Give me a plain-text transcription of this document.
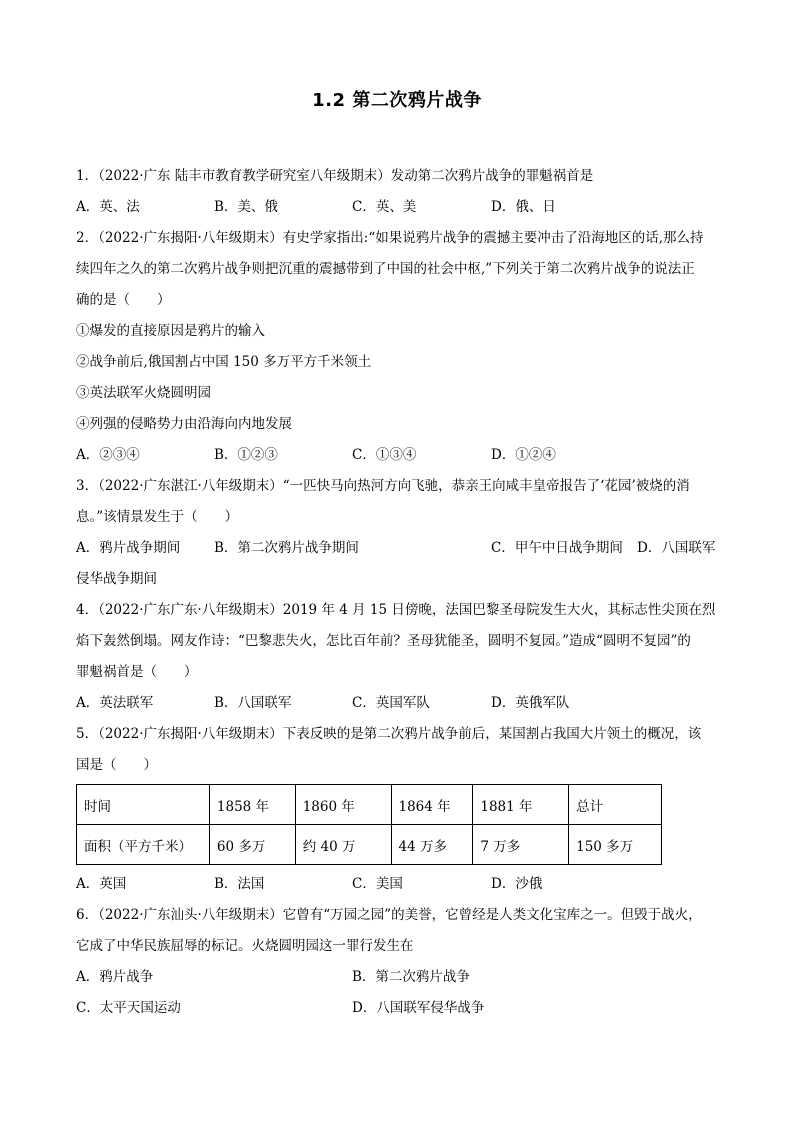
1.2 第二次鸦片战争
1．（2022·广东 陆丰市教育教学研究室八年级期末）发动第二次鸦片战争的罪魁祸首是
A．英、法	B．美、俄	C．英、美	D．俄、日
2．（2022·广东揭阳·八年级期末）有史学家指出:“如果说鸦片战争的震撼主要冲击了沿海地区的话,那么持
续四年之久的第二次鸦片战争则把沉重的震撼带到了中国的社会中枢,”下列关于第二次鸦片战争的说法正
确的是（　　）
①爆发的直接原因是鸦片的输入
②战争前后,俄国割占中国 150 多万平方千米领土
③英法联军火烧圆明园
④列强的侵略势力由沿海向内地发展
A．②③④	B．①②③	C．①③④	D．①②④
3．（2022·广东湛江·八年级期末）“一匹快马向热河方向飞驰，恭亲王向咸丰皇帝报告了‘花园’被烧的消
息。”该情景发生于（　　）
A．鸦片战争期间	B．第二次鸦片战争期间	C．甲午中日战争期间 D．八国联军
侵华战争期间
4．（2022·广东广东·八年级期末）2019 年 4 月 15 日傍晚，法国巴黎圣母院发生大火，其标志性尖顶在烈
焰下轰然倒塌。网友作诗：“巴黎悲失火，怎比百年前？圣母犹能圣，圆明不复园。”造成“圆明不复园”的
罪魁祸首是（　　）
A．英法联军	B．八国联军	C．英国军队	D．英俄军队
5．（2022·广东揭阳·八年级期末）下表反映的是第二次鸦片战争前后，某国割占我国大片领土的概况，该
国是（　　）
时间	1858 年	1860 年	1864 年	1881 年	总计
面积（平方千米）	60 多万	约 40 万	44 万多	7 万多	150 多万
A．英国	B．法国	C．美国	D．沙俄
6．（2022·广东汕头·八年级期末）它曾有“万园之园”的美誉，它曾经是人类文化宝库之一。但毁于战火，
它成了中华民族屈辱的标记。火烧圆明园这一罪行发生在
A．鸦片战争	B．第二次鸦片战争
C．太平天国运动	D．八国联军侵华战争
